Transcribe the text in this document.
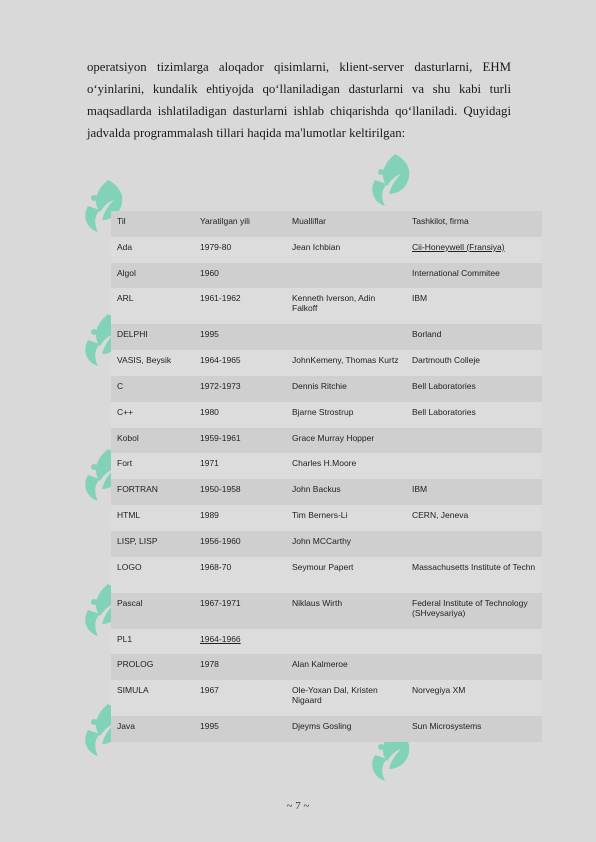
operatsiyon tizimlarga aloqador qisimlarni, klient-server dasturlarni, EHM
o‘yinlarini, kundalik ehtiyojda qo‘llaniladigan dasturlarni va shu kabi turli
maqsadlarda ishlatiladigan dasturlarni ishlab chiqarishda qo‘llaniladi. Quyidagi
jadvalda programmalash tillari haqida ma'lumotlar keltirilgan:
Til	Yaratilgan yili	Mualliflar	Tashkilot, firma
Ada	1979-80	Jean Ichbian	Cii-Honeywell (Fransiya)
Algol	1960		International Commitee
ARL	1961-1962	Kenneth Iverson, Adin Falkoff	IBM
DELPHI	1995		Borland
VASIS, Beysik	1964-1965	JohnKemeny, Thomas Kurtz	Dartmouth Colleje
C	1972-1973	Dennis Ritchie	Bell Laboratories
C++	1980	Bjarne Strostrup	Bell Laboratories
Kobol	1959-1961	Grace Murray Hopper	
Fort	1971	Charles H.Moore	
FORTRAN	1950-1958	John Backus	IBM
HTML	1989	Tim Berners-Li	CERN, Jeneva
LISP, LISP	1956-1960	John MCCarthy	
LOGO	1968-70	Seymour Papert	Massachusetts Institute of Techn
Pascal	1967-1971	Niklaus Wirth	Federal Institute of Technology (SHveysariya)
PL1	1964-1966		
PROLOG	1978	Alan Kalmeroe	
SIMULA	1967	Ole-Yoxan Dal, Kristen Nigaard	Norvegiya XM
Java	1995	Djeyms Gosling	Sun Microsystems
~ 7 ~
